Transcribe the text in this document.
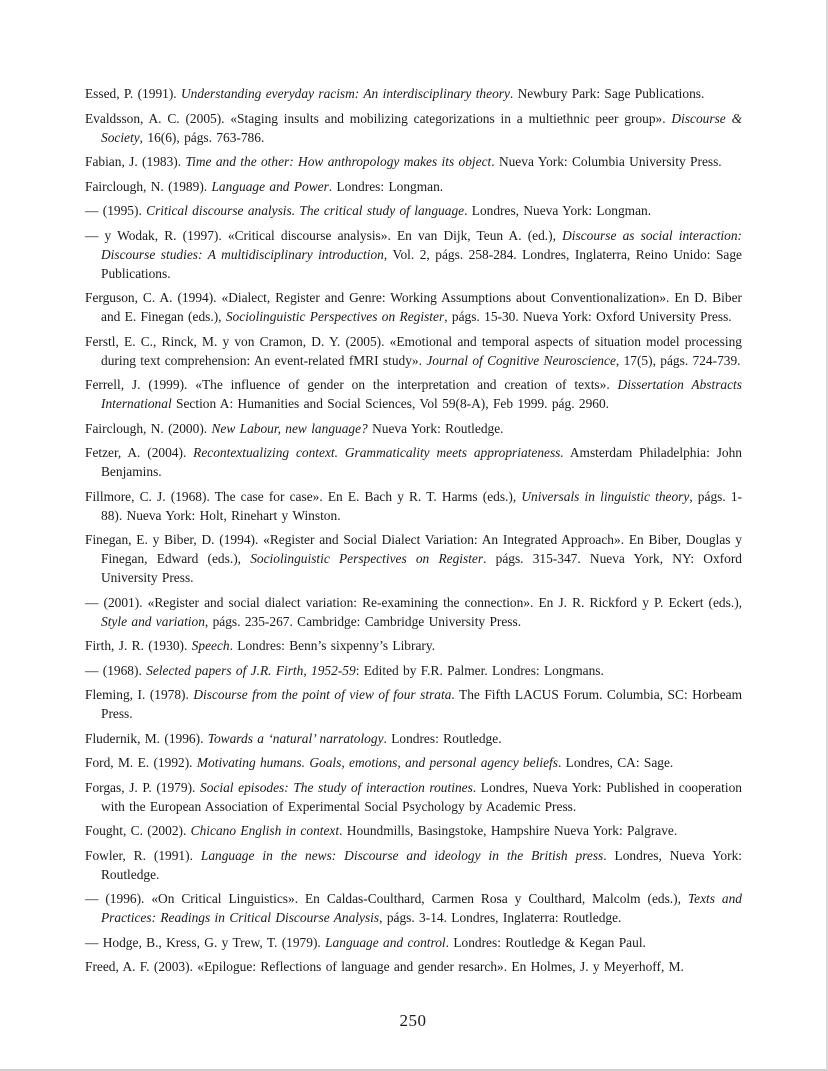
Essed, P. (1991). Understanding everyday racism: An interdisciplinary theory. Newbury Park: Sage Publications.

Evaldsson, A. C. (2005). «Staging insults and mobilizing categorizations in a multiethnic peer group». Discourse & Society, 16(6), págs. 763-786.

Fabian, J. (1983). Time and the other: How anthropology makes its object. Nueva York: Columbia University Press.

Fairclough, N. (1989). Language and Power. Londres: Longman.

— (1995). Critical discourse analysis. The critical study of language. Londres, Nueva York: Longman.

— y Wodak, R. (1997). «Critical discourse analysis». En van Dijk, Teun A. (ed.), Discourse as social interaction: Discourse studies: A multidisciplinary introduction, Vol. 2, págs. 258-284. Londres, Inglaterra, Reino Unido: Sage Publications.

Ferguson, C. A. (1994). «Dialect, Register and Genre: Working Assumptions about Conventionalization». En D. Biber and E. Finegan (eds.), Sociolinguistic Perspectives on Register, págs. 15-30. Nueva York: Oxford University Press.

Ferstl, E. C., Rinck, M. y von Cramon, D. Y. (2005). «Emotional and temporal aspects of situation model processing during text comprehension: An event-related fMRI study». Journal of Cognitive Neuroscience, 17(5), págs. 724-739.

Ferrell, J. (1999). «The influence of gender on the interpretation and creation of texts». Dissertation Abstracts International Section A: Humanities and Social Sciences, Vol 59(8-A), Feb 1999. pág. 2960.

Fairclough, N. (2000). New Labour, new language? Nueva York: Routledge.

Fetzer, A. (2004). Recontextualizing context. Grammaticality meets appropriateness. Amsterdam Philadelphia: John Benjamins.

Fillmore, C. J. (1968). The case for case». En E. Bach y R. T. Harms (eds.), Universals in linguistic theory, págs. 1-88). Nueva York: Holt, Rinehart y Winston.

Finegan, E. y Biber, D. (1994). «Register and Social Dialect Variation: An Integrated Approach». En Biber, Douglas y Finegan, Edward (eds.), Sociolinguistic Perspectives on Register. págs. 315-347. Nueva York, NY: Oxford University Press.

— (2001). «Register and social dialect variation: Re-examining the connection». En J. R. Rickford y P. Eckert (eds.), Style and variation, págs. 235-267. Cambridge: Cambridge University Press.

Firth, J. R. (1930). Speech. Londres: Benn’s sixpenny’s Library.

— (1968). Selected papers of J.R. Firth, 1952-59: Edited by F.R. Palmer. Londres: Longmans.

Fleming, I. (1978). Discourse from the point of view of four strata. The Fifth LACUS Forum. Columbia, SC: Horbeam Press.

Fludernik, M. (1996). Towards a ‘natural’ narratology. Londres: Routledge.

Ford, M. E. (1992). Motivating humans. Goals, emotions, and personal agency beliefs. Londres, CA: Sage.

Forgas, J. P. (1979). Social episodes: The study of interaction routines. Londres, Nueva York: Published in cooperation with the European Association of Experimental Social Psychology by Academic Press.

Fought, C. (2002). Chicano English in context. Houndmills, Basingstoke, Hampshire Nueva York: Palgrave.

Fowler, R. (1991). Language in the news: Discourse and ideology in the British press. Londres, Nueva York: Routledge.

— (1996). «On Critical Linguistics». En Caldas-Coulthard, Carmen Rosa y Coulthard, Malcolm (eds.), Texts and Practices: Readings in Critical Discourse Analysis, págs. 3-14. Londres, Inglaterra: Routledge.

— Hodge, B., Kress, G. y Trew, T. (1979). Language and control. Londres: Routledge & Kegan Paul.

Freed, A. F. (2003). «Epilogue: Reflections of language and gender resarch». En Holmes, J. y Meyerhoff, M.

250
